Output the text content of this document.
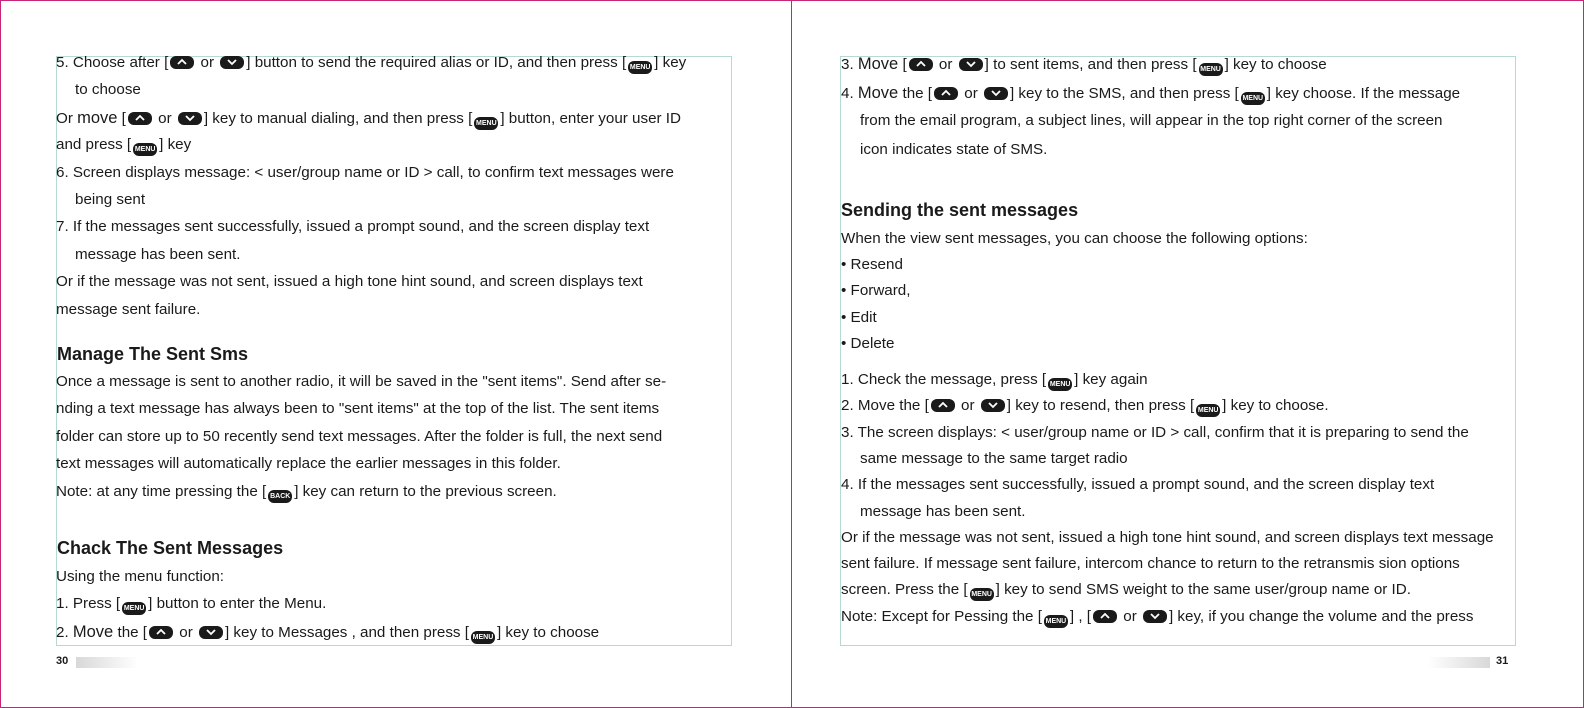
5. Choose after [
or
] button to send the required alias or ID, and then press [ MENU ] key
to choose
Or move [
or
] key to manual dialing, and then press [ MENU ] button, enter your user ID
and press [ MENU ] key
6. Screen displays message: < user/group name or ID > call, to confirm text messages were
being sent
7. If the messages sent successfully, issued a prompt sound, and the screen display text
message has been sent.
Or if the message was not sent, issued a high tone hint sound, and screen displays text
message sent failure.
Once a message is sent to another radio, it will be saved in the "sent items". Send after se-
nding a text message has always been to "sent items" at the top of the list. The sent items
folder can store up to 50 recently send text messages. After the folder is full, the next send
text messages will automatically replace the earlier messages in this folder.
Note: at any time pressing the [ BACK ] key can return to the previous screen.
Using the menu function:
1. Press [ MENU ] button to enter the Menu.
2. Move the [
or
] key to Messages , and then press [ MENU ] key to choose
3. Move [
or
] to sent items, and then press [ MENU ] key to choose
4. Move the [
or
] key to the SMS, and then press [ MENU ] key choose. If the message
from the email program, a subject lines, will appear in the top right corner of the screen
icon indicates state of SMS.
When the view sent messages, you can choose the following options:
• Resend
• Forward,
• Edit
• Delete
1. Check the message, press [ MENU ] key again
2. Move the [
or
] key to resend, then press [ MENU ] key to choose.
3. The screen displays: < user/group name or ID > call, confirm that it is preparing to send the
same message to the same target radio
4. If the messages sent successfully, issued a prompt sound, and the screen display text
message has been sent.
Or if the message was not sent, issued a high tone hint sound, and screen displays text message
sent failure. If message sent failure, intercom chance to return to the retransmis sion options
screen. Press the [ MENU ] key to send SMS weight to the same user/group name or ID.
Note: Except for Pessing the [ MENU ] , [
or
] key, if you change the volume and the press
Manage The Sent Sms
Chack The Sent Messages
Sending the sent messages
30	31
